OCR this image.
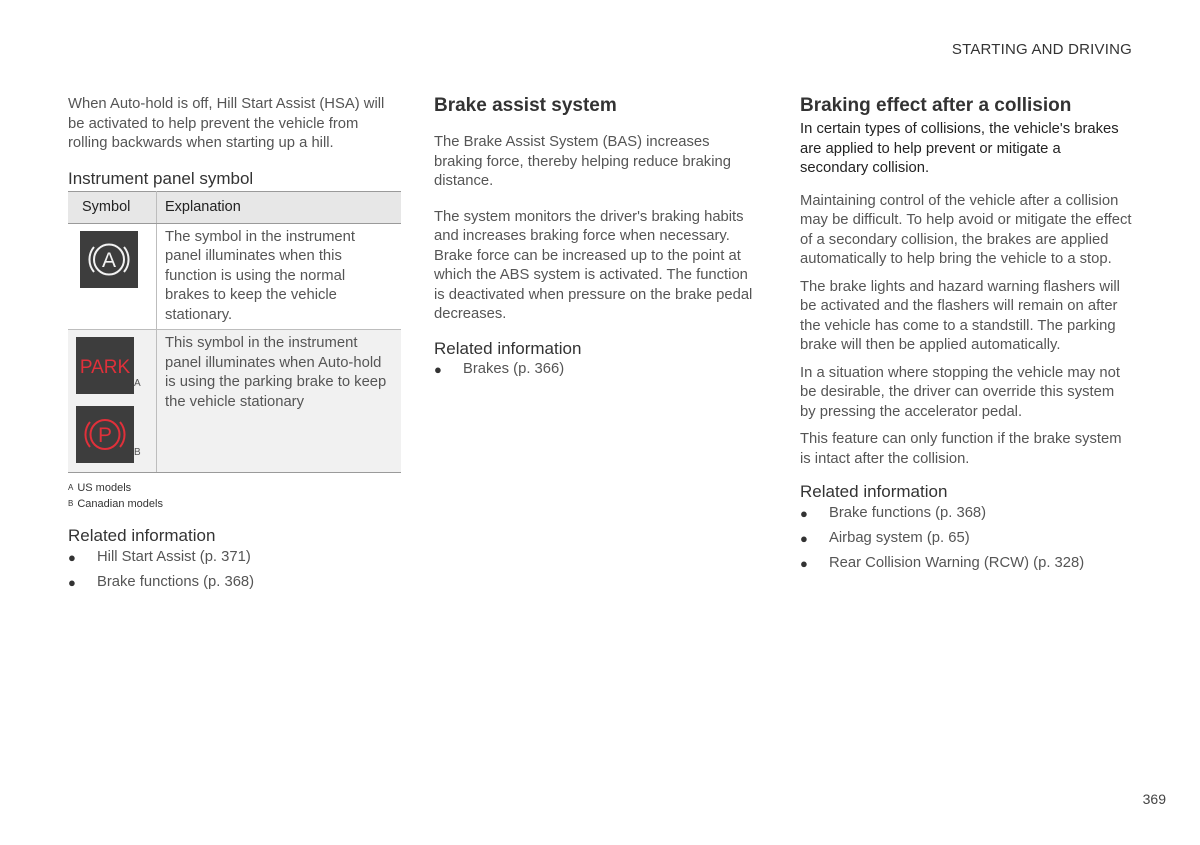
STARTING AND DRIVING

When Auto-hold is off, Hill Start Assist (HSA) will be activated to help prevent the vehicle from rolling backwards when starting up a hill.

Instrument panel symbol

Symbol	Explanation

A	The symbol in the instrument panel illuminates when this function is using the normal brakes to keep the vehicle stationary.

PARK
A
P
B	This symbol in the instrument panel illuminates when Auto-hold is using the parking brake to keep the vehicle stationary
$^A$ US models
$^B$ Canadian models

Related information

● Hill Start Assist (p. 371)
● Brake functions (p. 368)

Brake assist system

The Brake Assist System (BAS) increases braking force, thereby helping reduce braking distance.

The system monitors the driver's braking habits and increases braking force when necessary. Brake force can be increased up to the point at which the ABS system is activated. The function is deactivated when pressure on the brake pedal decreases.

Related information

● Brakes (p. 366)

Braking effect after a collision

In certain types of collisions, the vehicle's brakes are applied to help prevent or mitigate a secondary collision.

Maintaining control of the vehicle after a collision may be difficult. To help avoid or mitigate the effect of a secondary collision, the brakes are applied automatically to help bring the vehicle to a stop.

The brake lights and hazard warning flashers will be activated and the flashers will remain on after the vehicle has come to a standstill. The parking brake will then be applied automatically.

In a situation where stopping the vehicle may not be desirable, the driver can override this system by pressing the accelerator pedal.

This feature can only function if the brake system is intact after the collision.

Related information

● Brake functions (p. 368)
● Airbag system (p. 65)
● Rear Collision Warning (RCW) (p. 328)
369
